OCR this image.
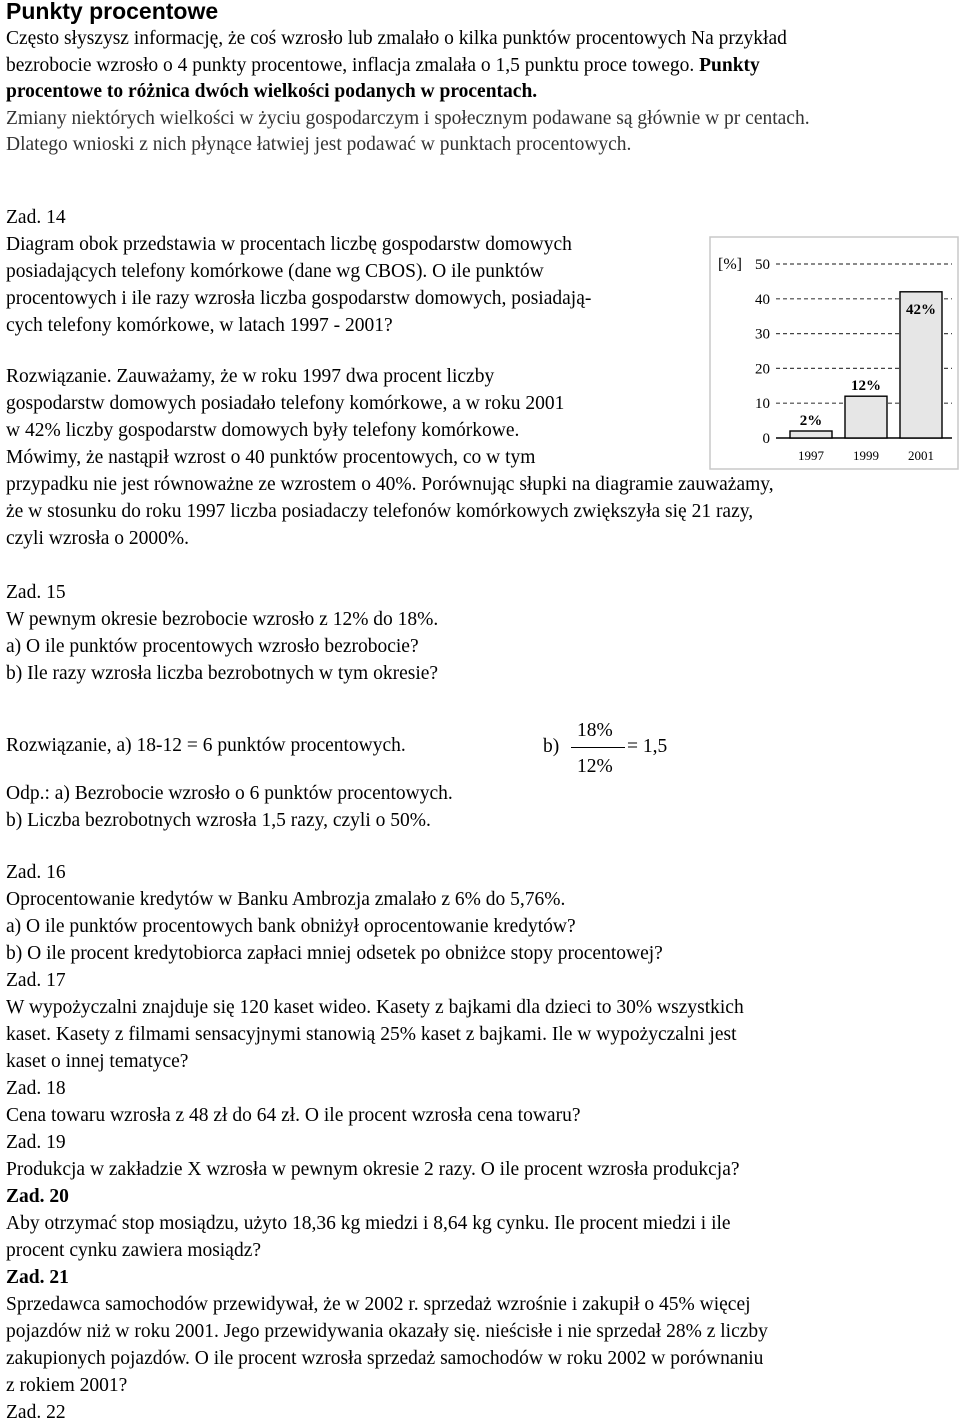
Punkty procentowe
Często słyszysz informację, że coś wzrosło lub zmalało o kilka punktów procentowych Na przykład
bezrobocie wzrosło o 4 punkty procentowe, inflacja zmalała o 1,5 punktu proce towego. Punkty
procentowe to różnica dwóch wielkości podanych w procentach.
Zmiany niektórych wielkości w życiu gospodarczym i społecznym podawane są głównie w pr centach.
Dlatego wnioski z nich płynące łatwiej jest podawać w punktach procentowych.
Zad. 14
Diagram obok przedstawia w procentach liczbę gospodarstw domowych
posiadających telefony komórkowe (dane wg CBOS). O ile punktów
procentowych i ile razy wzrosła liczba gospodarstw domowych, posiadają-
cych telefony komórkowe, w latach 1997 - 2001?
Rozwiązanie. Zauważamy, że w roku 1997 dwa procent liczby
gospodarstw domowych posiadało telefony komórkowe, a w roku 2001
w 42% liczby gospodarstw domowych były telefony komórkowe.
Mówimy, że nastąpił wzrost o 40 punktów procentowych, co w tym
przypadku nie jest równoważne ze wzrostem o 40%. Porównując słupki na diagramie zauważamy,
że w stosunku do roku 1997 liczba posiadaczy telefonów komórkowych zwiększyła się 21 razy,
czyli wzrosła o 2000%.
2%
12%
42%
0
10
20
30
40
50
1997 1999 2001
[%]
Zad. 15
W pewnym okresie bezrobocie wzrosło z 12% do 18%.
a) O ile punktów procentowych wzrosło bezrobocie?
b) Ile razy wzrosła liczba bezrobotnych w tym okresie?
Rozwiązanie, a) 18-12 = 6 punktów procentowych.	b)
18%
12%
= 1,5
Odp.: a) Bezrobocie wzrosło o 6 punktów procentowych.
b) Liczba bezrobotnych wzrosła 1,5 razy, czyli o 50%.
Zad. 16
Oprocentowanie kredytów w Banku Ambrozja zmalało z 6% do 5,76%.
a) O ile punktów procentowych bank obniżył oprocentowanie kredytów?
b) O ile procent kredytobiorca zapłaci mniej odsetek po obniżce stopy procentowej?
Zad. 17
W wypożyczalni znajduje się 120 kaset wideo. Kasety z bajkami dla dzieci to 30% wszystkich
kaset. Kasety z filmami sensacyjnymi stanowią 25% kaset z bajkami. Ile w wypożyczalni jest
kaset o innej tematyce?
Zad. 18
Cena towaru wzrosła z 48 zł do 64 zł. O ile procent wzrosła cena towaru?
Zad. 19
Produkcja w zakładzie X wzrosła w pewnym okresie 2 razy. O ile procent wzrosła produkcja?
Zad. 20
Aby otrzymać stop mosiądzu, użyto 18,36 kg miedzi i 8,64 kg cynku. Ile procent miedzi i ile
procent cynku zawiera mosiądz?
Zad. 21
Sprzedawca samochodów przewidywał, że w 2002 r. sprzedaż wzrośnie i zakupił o 45% więcej
pojazdów niż w roku 2001. Jego przewidywania okazały się. nieścisłe i nie sprzedał 28% z liczby
zakupionych pojazdów. O ile procent wzrosła sprzedaż samochodów w roku 2002 w porównaniu
z rokiem 2001?
Zad. 22
